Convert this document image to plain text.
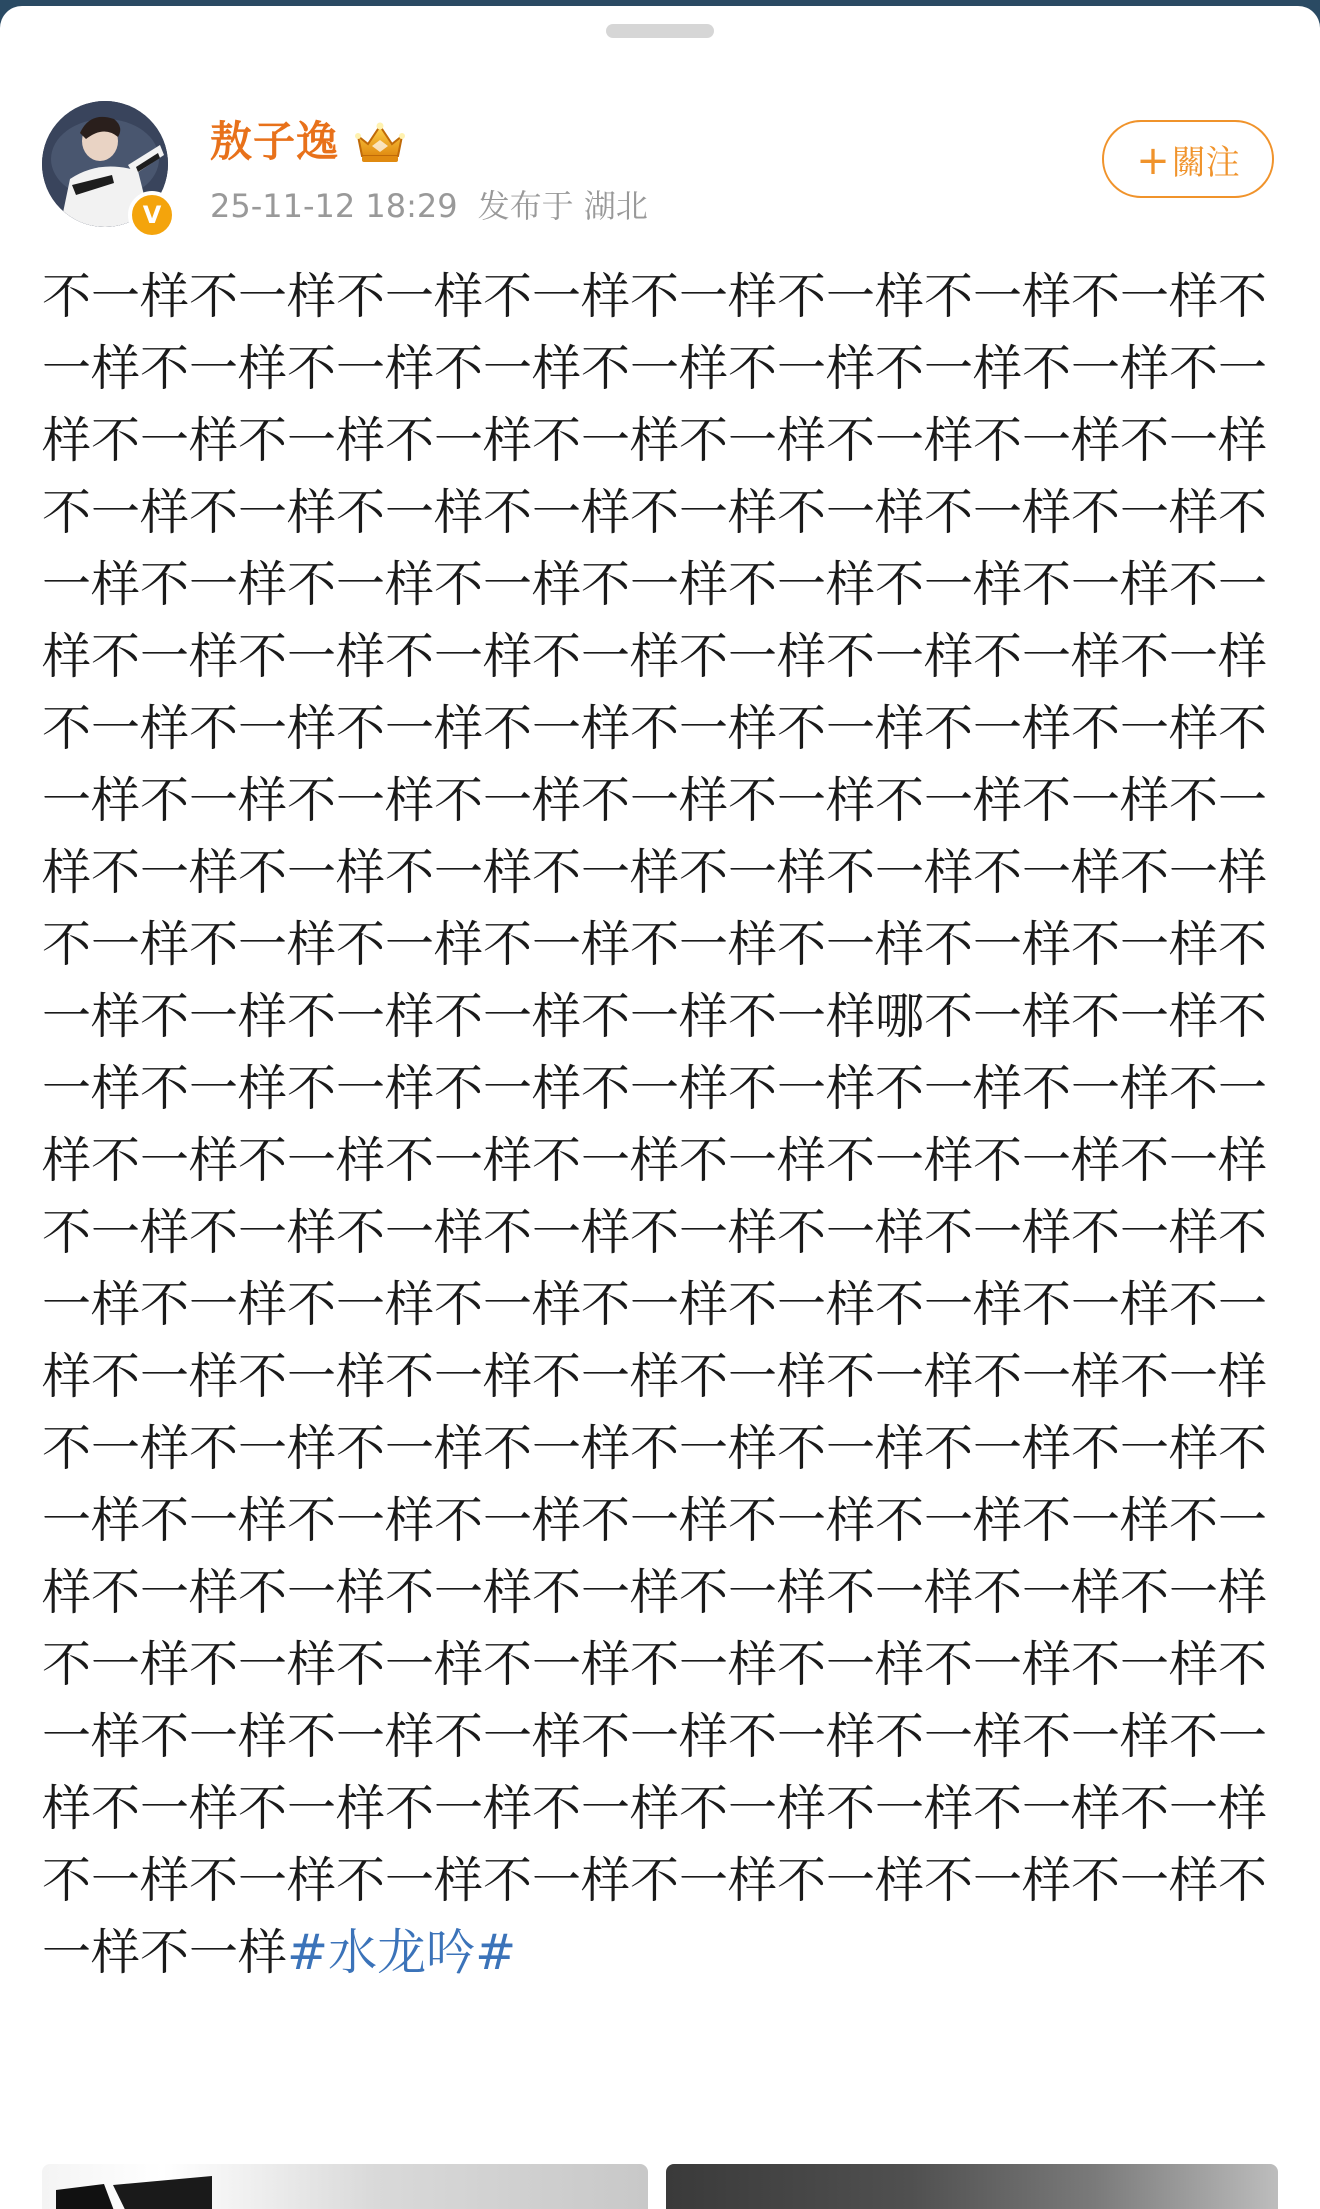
V
敖子逸
25-11-12 18:29 发布于 湖北
+關注

不一样不一样不一样不一样不一样不一样不一样不一样不一样不一样不一样不一样不一样不一样不一样不一样不一样不一样不一样不一样不一样不一样不一样不一样不一样不一样不一样不一样不一样不一样不一样不一样不一样不一样不一样不一样不一样不一样不一样不一样不一样不一样不一样不一样不一样不一样不一样不一样不一样不一样不一样不一样不一样不一样不一样不一样不一样不一样不一样不一样不一样不一样不一样不一样不一样不一样不一样不一样不一样不一样不一样不一样不一样不一样不一样不一样不一样不一样不一样不一样不一样不一样不一样不一样不一样不一样不一样不一样不一样哪不一样不一样不一样不一样不一样不一样不一样不一样不一样不一样不一样不一样不一样不一样不一样不一样不一样不一样不一样不一样不一样不一样不一样不一样不一样不一样不一样不一样不一样不一样不一样不一样不一样不一样不一样不一样不一样不一样不一样不一样不一样不一样不一样不一样不一样不一样不一样不一样不一样不一样不一样不一样不一样不一样不一样不一样不一样不一样不一样不一样不一样不一样不一样不一样不一样不一样不一样不一样不一样不一样不一样不一样不一样不一样不一样不一样不一样不一样不一样不一样不一样不一样不一样不一样不一样不一样不一样不一样不一样不一样不一样不一样不一样不一样不一样不一样不一样不一样不一样不一样不一样不一样不一样不一样#水龙吟#
